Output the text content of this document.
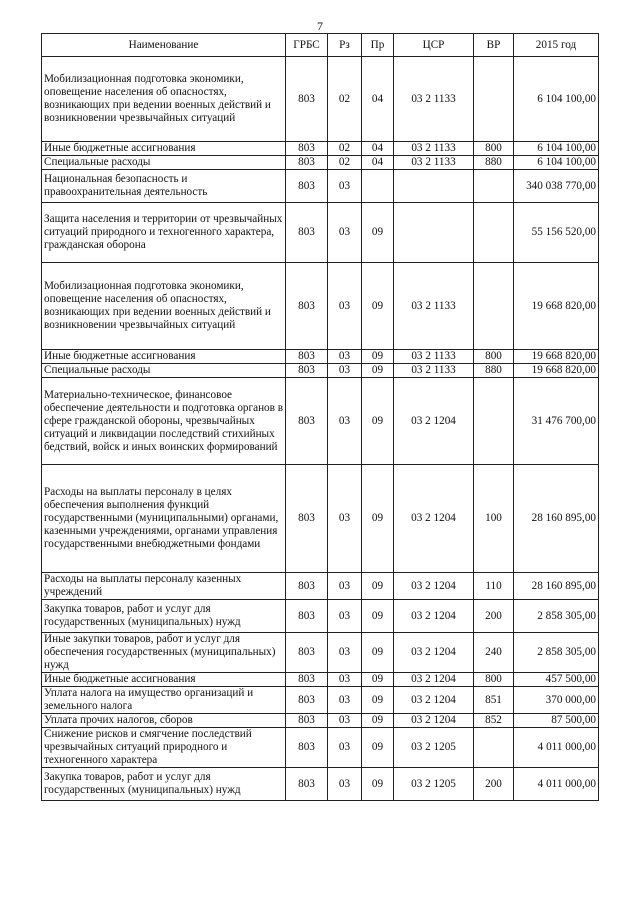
7
Наименование	ГРБС	Рз	Пр	ЦСР	ВР	2015 год
Мобилизационная подготовка экономики, оповещение населения об опасностях, возникающих при ведении военных действий и возникновении чрезвычайных ситуаций	803	02	04	03 2 1133		6 104 100,00
Иные бюджетные ассигнования	803	02	04	03 2 1133	800	6 104 100,00
Специальные расходы	803	02	04	03 2 1133	880	6 104 100,00
Национальная безопасность и правоохранительная деятельность	803	03				340 038 770,00
Защита населения и территории от чрезвычайных ситуаций природного и техногенного характера, гражданская оборона	803	03	09			55 156 520,00
Мобилизационная подготовка экономики, оповещение населения об опасностях, возникающих при ведении военных действий и возникновении чрезвычайных ситуаций	803	03	09	03 2 1133		19 668 820,00
Иные бюджетные ассигнования	803	03	09	03 2 1133	800	19 668 820,00
Специальные расходы	803	03	09	03 2 1133	880	19 668 820,00
Материально-техническое, финансовое обеспечение деятельности и подготовка органов в сфере гражданской обороны, чрезвычайных ситуаций и ликвидации последствий стихийных бедствий, войск и иных воинских формирований	803	03	09	03 2 1204		31 476 700,00
Расходы на выплаты персоналу в целях обеспечения выполнения функций государственными (муниципальными) органами, казенными учреждениями, органами управления государственными внебюджетными фондами	803	03	09	03 2 1204	100	28 160 895,00
Расходы на выплаты персоналу казенных учреждений	803	03	09	03 2 1204	110	28 160 895,00
Закупка товаров, работ и услуг для государственных (муниципальных) нужд	803	03	09	03 2 1204	200	2 858 305,00
Иные закупки товаров, работ и услуг для обеспечения государственных (муниципальных) нужд	803	03	09	03 2 1204	240	2 858 305,00
Иные бюджетные ассигнования	803	03	09	03 2 1204	800	457 500,00
Уплата налога на имущество организаций и земельного налога	803	03	09	03 2 1204	851	370 000,00
Уплата прочих налогов, сборов	803	03	09	03 2 1204	852	87 500,00
Снижение рисков и смягчение последствий чрезвычайных ситуаций природного и техногенного характера	803	03	09	03 2 1205		4 011 000,00
Закупка товаров, работ и услуг для государственных (муниципальных) нужд	803	03	09	03 2 1205	200	4 011 000,00
